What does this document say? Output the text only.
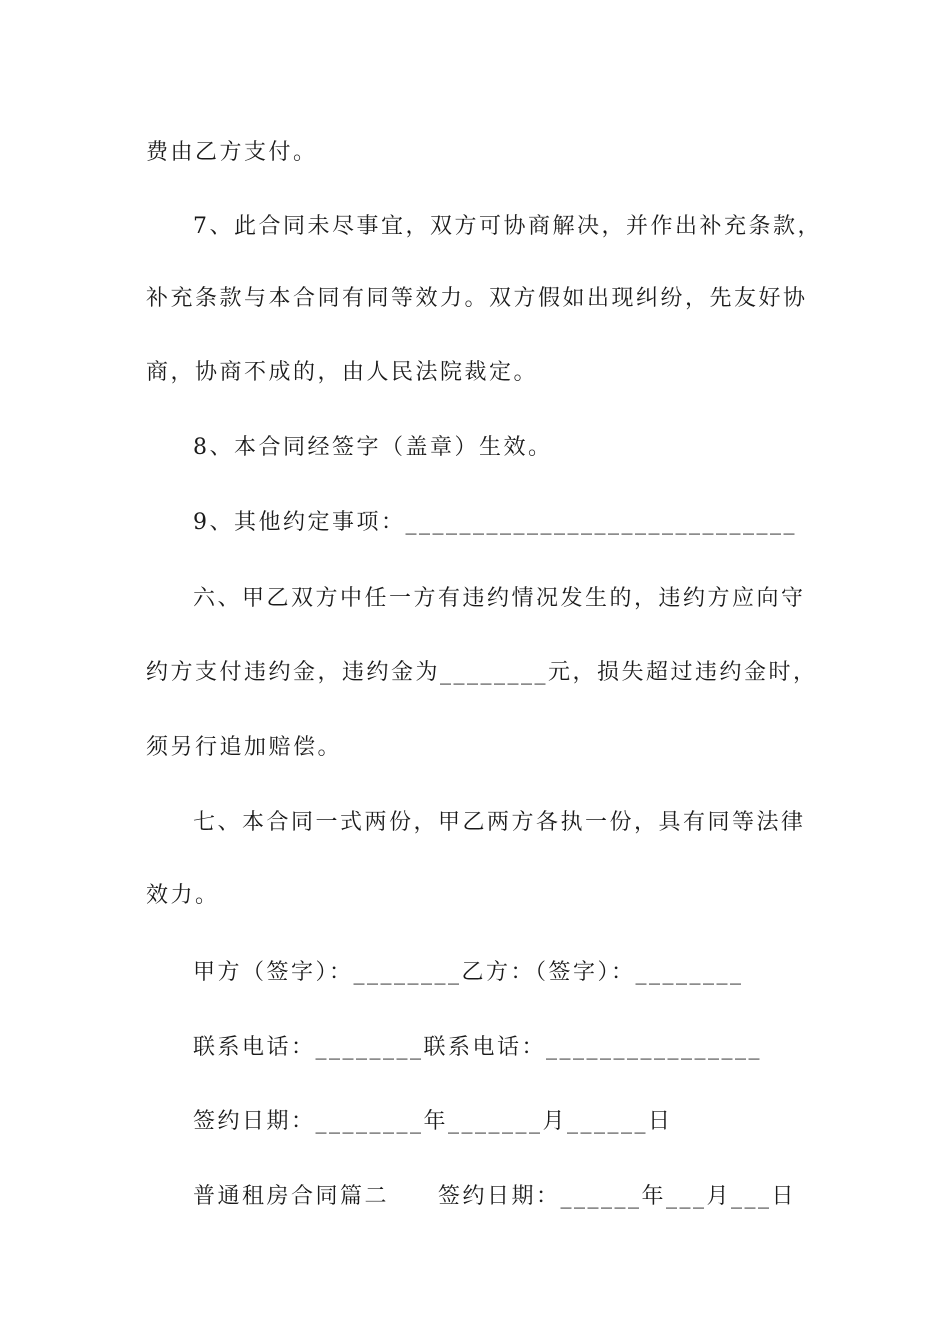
费由乙方支付。
7、此合同未尽事宜，双方可协商解决，并作出补充条款，
补充条款与本合同有同等效力。双方假如出现纠纷，先友好协
商，协商不成的，由人民法院裁定。
8、本合同经签字（盖章）生效。
9、其他约定事项：_____________________________
六、甲乙双方中任一方有违约情况发生的，违约方应向守
约方支付违约金，违约金为________元，损失超过违约金时，
须另行追加赔偿。
七、本合同一式两份，甲乙两方各执一份，具有同等法律
效力。
甲方（签字）：________乙方：（签字）：________
联系电话：________联系电话：________________
签约日期：________年_______月______日
普通租房合同篇二　　签约日期：______年___月___日
